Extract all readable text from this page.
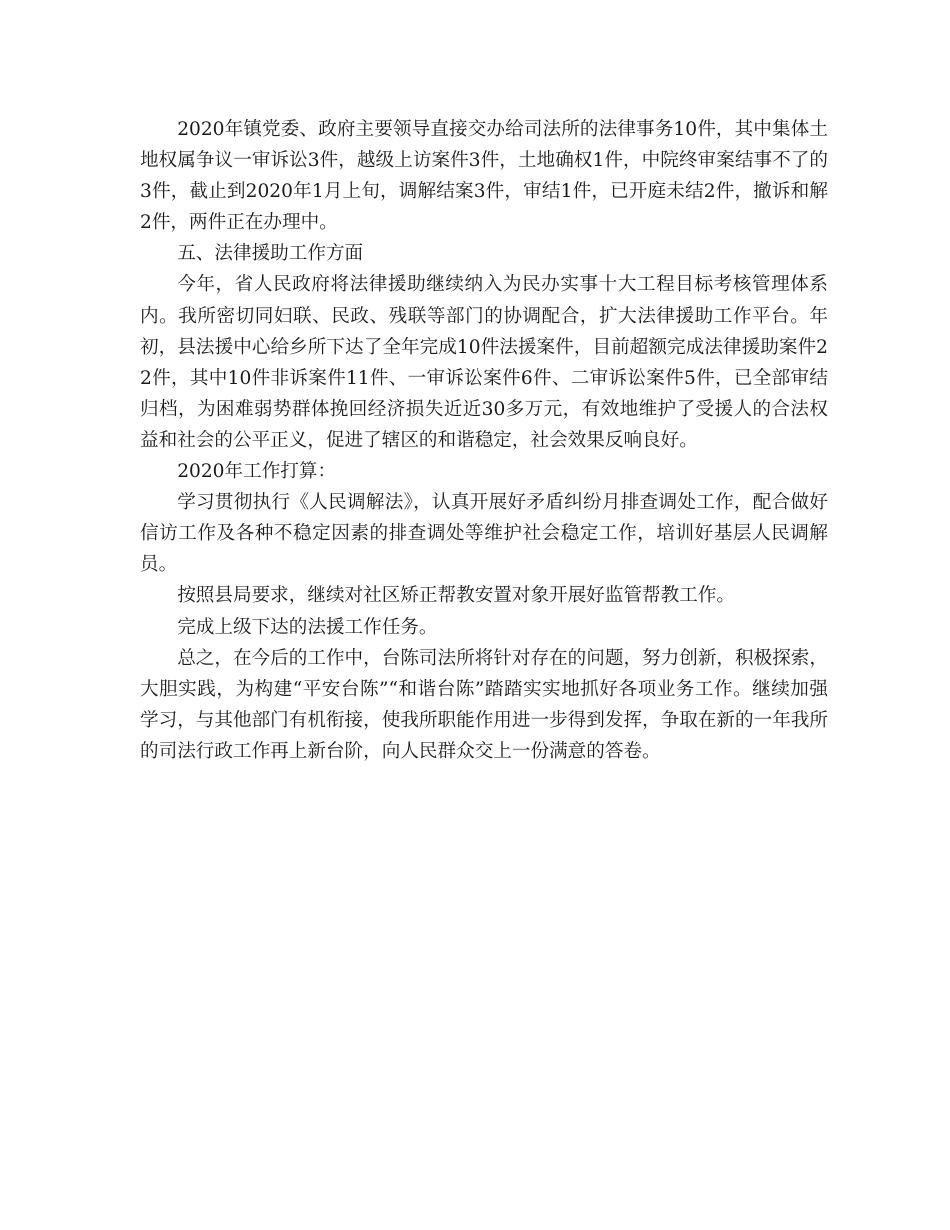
2020年镇党委、政府主要领导直接交办给司法所的法律事务10件，其中集体土地权属争议一审诉讼3件，越级上访案件3件，土地确权1件，中院终审案结事不了的3件，截止到2020年1月上旬，调解结案3件，审结1件，已开庭未结2件，撤诉和解2件，两件正在办理中。

五、法律援助工作方面

今年，省人民政府将法律援助继续纳入为民办实事十大工程目标考核管理体系内。我所密切同妇联、民政、残联等部门的协调配合，扩大法律援助工作平台。年初，县法援中心给乡所下达了全年完成10件法援案件，目前超额完成法律援助案件22件，其中10件非诉案件11件、一审诉讼案件6件、二审诉讼案件5件，已全部审结归档，为困难弱势群体挽回经济损失近近30多万元，有效地维护了受援人的合法权益和社会的公平正义，促进了辖区的和谐稳定，社会效果反响良好。

2020年工作打算：

学习贯彻执行《人民调解法》，认真开展好矛盾纠纷月排查调处工作，配合做好信访工作及各种不稳定因素的排查调处等维护社会稳定工作，培训好基层人民调解员。

按照县局要求，继续对社区矫正帮教安置对象开展好监管帮教工作。

完成上级下达的法援工作任务。

总之，在今后的工作中，台陈司法所将针对存在的问题，努力创新，积极探索，大胆实践，为构建“平安台陈”“和谐台陈”踏踏实实地抓好各项业务工作。继续加强学习，与其他部门有机衔接，使我所职能作用进一步得到发挥，争取在新的一年我所的司法行政工作再上新台阶，向人民群众交上一份满意的答卷。
